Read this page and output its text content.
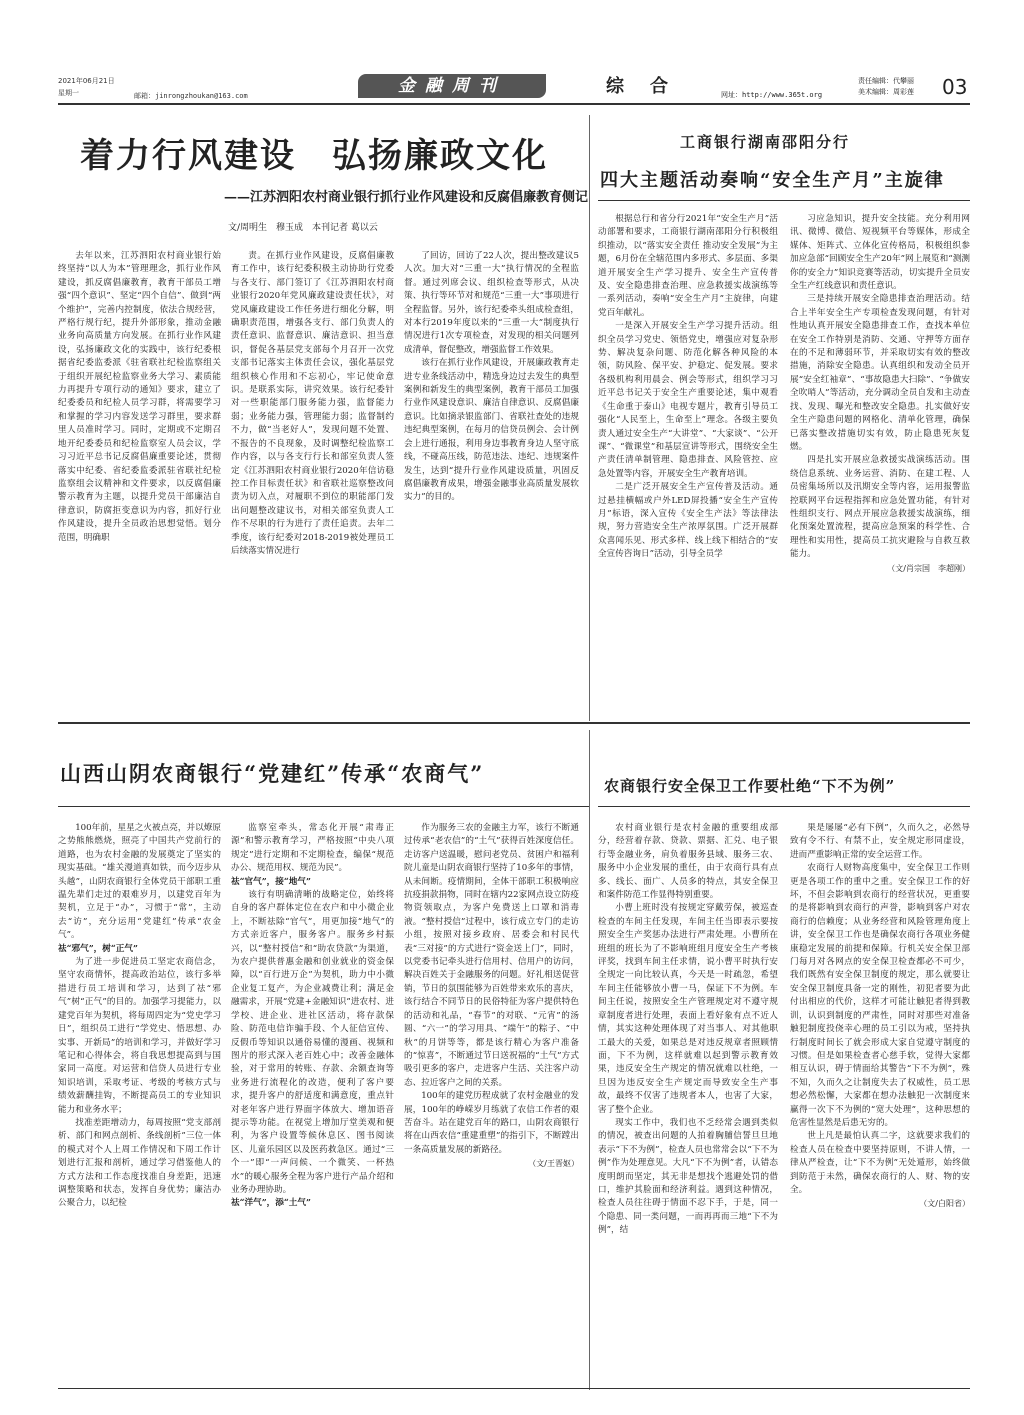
2021年06月21日
星期一	邮箱：jinrongzhoukan@163.com	金融周刊	综合	网址：http://www.365t.org
责任编辑：代攀丽
美术编辑：周彩莲 03
着力行风建设　弘扬廉政文化
——江苏泗阳农村商业银行抓行业作风建设和反腐倡廉教育侧记
文/周明生　穆玉成　本刊记者 葛以云

去年以来，江苏泗阳农村商业银行始终坚持“以人为本”管理理念，抓行业作风建设，抓反腐倡廉教育，教育干部员工增强“四个意识”、坚定“四个自信”、做到“两个维护”，完善内控制度，依法合规经营，严格行规行纪，提升外部形象，推动金融业务向高质量方向发展。在抓行业作风建设，弘扬廉政文化的实践中，该行纪委根据省纪委监委派《驻省联社纪检监察组关于组织开展纪检监察业务大学习、素质能力再提升专项行动的通知》要求，建立了纪委委员和纪检人员学习群，将需要学习和掌握的学习内容发送学习群里，要求群里人员准时学习。同时，定期或不定期召地开纪委委员和纪检监察室人员会议，学习习近平总书记反腐倡廉重要论述，贯彻落实中纪委、省纪委监委派驻省联社纪检监察组会议精神和文件要求，以反腐倡廉警示教育为主题，以提升党员干部廉洁自律意识，防腐拒变意识为内容，抓好行业作风建设，提升全员政治思想觉悟。划分范围，明确职

责。在抓行业作风建设，反腐倡廉教育工作中，该行纪委积极主动协助行党委与各支行、部门签订了《江苏泗阳农村商业银行2020年党风廉政建设责任状》，对党风廉政建设工作任务进行细化分解，明确职责范围，增强各支行、部门负责人的责任意识、监督意识、廉洁意识、担当意识，督促各基层党支部每个月召开一次党支部书记落实主体责任会议，强化基层党组织核心作用和不忘初心，牢记使命意识。是联系实际，讲究效果。该行纪委针对一些职能部门服务能力强，监督能力弱；业务能力强，管理能力弱；监督制约不力，做“当老好人”，发现问题不处置、不报告的不良现象，及时调整纪检监察工作内容，以与各支行行长和部室负责人签定《江苏泗阳农村商业银行2020年信访稳控工作目标责任状》和省联社巡察整改问责为切入点，对履职不到位的职能部门发出问题整改建议书，对相关部室负责人工作不尽职的行为进行了责任追责。去年二季度，该行纪委对2018-2019被处理员工后续落实情况进行

了回访，回访了22人次，提出整改建议5人次。加大对“三重一大”执行情况的全程监督。通过列席会议、组织检查等形式，从决策、执行等环节对和规范“三重一大”事项进行全程监督。另外，该行纪委牵头组成检查组，对本行2019年度以来的“三重一大”制度执行情况进行1次专项检查，对发现的相关问题列成清单，督促整改，增强监督工作效果。

该行在抓行业作风建设，开展廉政教育走进专业条线活动中，精选身边过去发生的典型案例和新发生的典型案例，教育干部员工加强行业作风建设意识、廉洁自律意识、反腐倡廉意识。比如摘录银监部门、省联社查处的违规违纪典型案例，在每月的信贷员例会、会计例会上进行通报，利用身边事教育身边人坚守底线，不碰高压线，防范违法、违纪、违规案件发生，达到“提升行业作风建设质量，巩固反腐倡廉教育成果，增强金融事业高质量发展软实力”的目的。

工商银行湖南邵阳分行
四大主题活动奏响“安全生产月”主旋律

根据总行和省分行2021年“安全生产月”活动部署和要求，工商银行湖南邵阳分行积极组织推动，以“落实安全责任 推动安全发展”为主题，6月份在全辖范围内多形式、多层面、多渠道开展安全生产学习提升、安全生产宣传普及、安全隐患排查治理、应急救援实战演练等一系列活动，奏响“安全生产月”主旋律，向建党百年献礼。

一是深入开展安全生产学习提升活动。组织全员学习党史、领悟党史，增强应对复杂形势、解决复杂问题、防范化解各种风险的本领，防风险、保平安、护稳定、促发展。要求各级机构利用晨会、例会等形式，组织学习习近平总书记关于安全生产重要论述，集中观看《生命重于泰山》电视专题片，教育引导员工强化“人民至上，生命至上”理念。各级主要负责人通过安全生产“大讲堂”、“大家谈”、“公开课”、“微课堂”和基层宣讲等形式，围绕安全生产责任清单制管理、隐患排查、风险管控、应急处置等内容，开展安全生产教育培训。

二是广泛开展安全生产宣传普及活动。通过悬挂横幅或户外LED屏投播“安全生产宣传月”标语，深入宣传《安全生产法》等法律法规，努力营造安全生产浓厚氛围。广泛开展群众喜闻乐见、形式多样、线上线下相结合的“安全宣传咨询日”活动，引导全员学

习应急知识，提升安全技能。充分利用网讯、微博、微信、短视频平台等媒体，形成全媒体、矩阵式、立体化宣传格局，积极组织参加应急部“回顾安全生产20年”网上展览和“测测你的安全力”知识竞赛等活动，切实提升全员安全生产红线意识和责任意识。

三是持续开展安全隐患排查治理活动。结合上半年安全生产专项检查发现问题，有针对性地认真开展安全隐患排查工作，查找本单位在安全工作特别是消防、交通、守押等方面存在的不足和薄弱环节，并采取切实有效的整改措施，消除安全隐患。认真组织和发动全员开展“安全红袖章”、“事故隐患大扫除”、“争做安全吹哨人”等活动，充分调动全员自发和主动查找、发现、曝光和整改安全隐患。扎实做好安全生产隐患问题的网格化、清单化管理，确保已落实整改措施切实有效，防止隐患死灰复燃。

四是扎实开展应急救援实战演练活动。围绕信息系统、业务运营、消防、在建工程、人员密集场所以及汛期安全等内容，运用报警监控联网平台远程指挥和应急处置功能，有针对性组织支行、网点开展应急救援实战演练，细化预案处置流程，提高应急预案的科学性、合理性和实用性，提高员工抗灾避险与自救互救能力。

（文/肖宗国　李超刚）

山西山阴农商银行“党建红”传承“农商气”

100年前，星星之火被点亮，并以燎原之势熊熊燃烧，照亮了中国共产党前行的道路，也为农村金融的发展奠定了坚实的现实基础。“雄关漫道真如铁，而今迈步从头越”，山阴农商银行全体党员干部职工重温先辈们走过的艰难岁月，以建党百年为契机，立足于“办”，习惯于“常”，主动去“访”，充分运用“党建红”传承“农金气”。

祛“邪气”，树“正气”

为了进一步促进员工坚定农商信念，坚守农商情怀，提高政治站位，该行多举措进行员工培训和学习，达到了祛“邪气”树“正气”的目的。加强学习提能力，以建党百年为契机，将每周四定为“党史学习日”，组织员工进行“学党史、悟思想、办实事、开新局”的培训和学习，并做好学习笔记和心得体会，将自我思想提高到与国家同一高度。对运营和信贷人员进行专业知识培训，采取考证、考级的考核方式与绩效薪酬挂钩，不断提高员工的专业知识能力和业务水平；

找准差距增动力，每周按照“党支部剖析、部门和网点剖析、条线剖析”三位一体的模式对个人上周工作情况和下周工作计划进行汇报和剖析，通过学习借鉴他人的方式方法和工作态度找准自身差距，迅速调整策略和状态，发挥自身优势；廉洁办公聚合力，以纪检

监察室牵头，常态化开展“肃毒正源”和警示教育学习，严格按照“中央八项规定”进行定期和不定期检查，编保“规范办公、规范用权、规范为民”。

祛“官气”，接“地气”

该行有明确清晰的战略定位，始终将自身的客户群体定位在农户和中小微企业上，不断祛除“官气”，用更加接“地气”的方式亲近客户，服务客户。服务乡村振兴，以“整村授信”和“助农贷款”为渠道，为农户提供普惠金融和创业就业的资金保障，以“百行进万企”为契机，助力中小微企业复工复产，为企业减费让利；满足金融需求，开展“党建+金融知识”进农村、进学校、进企业、进社区活动，将存款保险、防范电信诈骗手段、个人征信宣传、反假币等知识以通俗易懂的漫画、视频和图片的形式深入老百姓心中；改善金融体验，对于常用的转账、存款、余额查询等业务进行流程化的改造，便利了客户要求，提升客户的舒适度和满意度，重点针对老年客户进行界面字体放大、增加语音提示等功能。在视觉上增加厅堂美观和便利，为客户设置等候休息区、图书阅读区、儿童乐园区以及医药救急区。通过“三个一”即“一声问候、一个微笑、一杯热水”的暖心服务全程为客户进行产品介绍和业务办理协助。

祛“洋气”，添“土气”

作为服务三农的金融主力军，该行不断通过传承“老农信”的“土气”获得百姓深度信任。走访客户送温暖，慰问老党员、贫困户和福利院儿童是山阴农商银行坚持了10多年的事情，从未间断。疫情期间，全体干部职工积极响应抗疫捐款捐物，同时在辖内22家网点设立防疫物资领取点，为客户免费送上口罩和消毒液。“整村授信”过程中，该行成立专门的走访小组，按照对接乡政府、居委会和村民代表“三对接”的方式进行“资金送上门”，同时，以党委书记牵头进行信用村、信用户的访问，解决百姓关于金融服务的问题。好礼相送促营销，节日的氛围能够为百姓带来欢乐的喜庆，该行结合不同节日的民俗特征为客户提供特色的活动和礼品，“春节”的对联、“元宵”的汤圆、“六一”的学习用具、“端午”的粽子、“中秋”的月饼等等，都是该行精心为客户准备的“惊喜”，不断通过节日送祝福的“土气”方式吸引更多的客户，走进客户生活、关注客户动态、拉近客户之间的关系。

100年的建党历程成就了农村金融业的发展，100年的峥嵘岁月练就了农信工作者的艰苦奋斗。站在建党百年的路口，山阴农商银行将在山西农信“重建重塑”的指引下，不断蹚出一条高质量发展的新路径。

（文/王晋妪）

农商银行安全保卫工作要杜绝“下不为例”

农村商业银行是农村金融的重要组成部分，经营着存款、贷款、票据、汇兑、电子银行等金融业务，肩负着服务县域、服务三农、服务中小企业发展的重任，由于农商行具有点多、线长、面广、人员多的特点，其安全保卫和案件防范工作显得特别重要。

小曹上班时没有按规定穿戴劳保，被巡查检查的车间主任发现，车间主任当即表示要按照安全生产奖惩办法进行严肃处理。小曹所在班组的班长为了不影响班组月度安全生产考核评奖，找到车间主任求情，说小曹平时执行安全规定一向比较认真，今天是一时疏忽，希望车间主任能够放小曹一马，保证下不为例。车间主任说，按照安全生产管理规定对不遵守规章制度者进行处理，表面上看好象有点不近人情，其实这种处理体现了对当事人、对其他职工最大的关爱，如果总是对违反规章者照顾情面，下不为例，这样就难以起到警示教育效果，违反安全生产规定的情况就难以杜绝，一旦因为违反安全生产规定而导致安全生产事故，最终不仅害了违规者本人，也害了大家，害了整个企业。

现实工作中，我们也不乏经常会遇到类似的情况，被查出问题的人拍着胸脯信誓旦旦地表示“下不为例”，检查人员也常常会以“下不为例”作为处理意见。大凡“下不为例”者，认错态度明朗而坚定，其无非是想找个逃避处罚的借口，维护其脸面和经济利益。遇到这种情况，检查人员往往碍于情面不忍下手，于是，同一个隐患、同一类问题，一而再再而三地“下不为例”，结

果是屡屡“必有下例”，久而久之，必然导致有令不行、有禁不止，安全规定形同虚设，进而严重影响正常的安全运营工作。

农商行人财物高度集中，安全保卫工作则更是各项工作的重中之重。安全保卫工作的好坏，不但会影响到农商行的经营状况，更重要的是将影响到农商行的声誉，影响到客户对农商行的信赖度；从业务经营和风险管理角度上讲，安全保卫工作也是确保农商行各项业务健康稳定发展的前提和保障。行机关安全保卫部门每月对各网点的安全保卫检查都必不可少，我们既然有安全保卫制度的规定，那么就要让安全保卫制度具备一定的刚性，初犯者要为此付出相应的代价，这样才可能让触犯者得到教训，认识到制度的严肃性，同时对那些对准备触犯制度投侥幸心理的员工引以为戒，坚持执行制度时间长了就会形成大家自觉遵守制度的习惯。但是如果检查者心慈手软，觉得大家都相互认识，碍于情面给其警告“下不为例”，殊不知，久而久之让制度失去了权威性，员工思想必然松懈，大家都在想办法触犯一次制度来赢得一次下不为例的“宽大处理”，这种思想的危害性显然是后患无穷的。

世上凡是最怕认真二字，这就要求我们的检查人员在检查中要坚持原则，不讲人情，一律从严检查，让“下不为例”无处遁形，始终做到防范于未然，确保农商行的人、财、物的安全。

（文/白阳省）
